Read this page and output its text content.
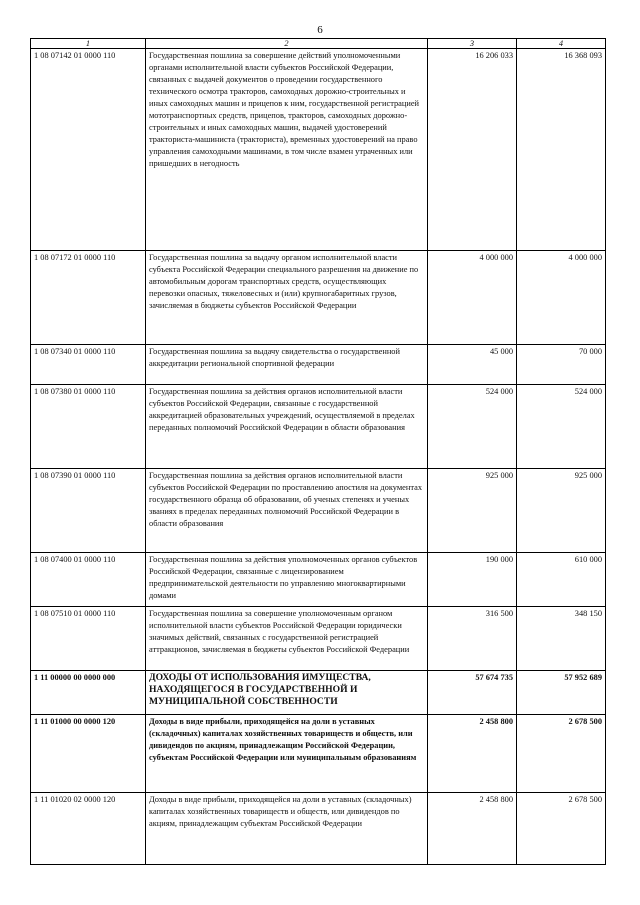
6
1	2	3	4
1 08 07142 01 0000 110	Государственная пошлина за совершение действий уполномоченными органами исполнительной власти субъектов Российской Федерации, связанных с выдачей документов о проведении государственного технического осмотра тракторов, самоходных дорожно-строительных и иных самоходных машин и прицепов к ним, государственной регистрацией мототранспортных средств, прицепов, тракторов, самоходных дорожно-строительных и иных самоходных машин, выдачей удостоверений тракториста-машиниста (тракториста), временных удостоверений на право управления самоходными машинами, в том числе взамен утраченных или пришедших в негодность	16 206 033	16 368 093
1 08 07172 01 0000 110	Государственная пошлина за выдачу органом исполнительной власти субъекта Российской Федерации специального разрешения на движение по автомобильным дорогам транспортных средств, осуществляющих перевозки опасных, тяжеловесных и (или) крупногабаритных грузов, зачисляемая в бюджеты субъектов Российской Федерации	4 000 000	4 000 000
1 08 07340 01 0000 110	Государственная пошлина за выдачу свидетельства о государственной аккредитации региональной спортивной федерации	45 000	70 000
1 08 07380 01 0000 110	Государственная пошлина за действия органов исполнительной власти субъектов Российской Федерации, связанные с государственной аккредитацией образовательных учреждений, осуществляемой в пределах переданных полномочий Российской Федерации в области образования	524 000	524 000
1 08 07390 01 0000 110	Государственная пошлина за действия органов исполнительной власти субъектов Российской Федерации по проставлению апостиля на документах государственного образца об образовании, об ученых степенях и ученых званиях в пределах переданных полномочий Российской Федерации в области образования	925 000	925 000
1 08 07400 01 0000 110	Государственная пошлина за действия уполномоченных органов субъектов Российской Федерации, связанные с лицензированием предпринимательской деятельности по управлению многоквартирными домами	190 000	610 000
1 08 07510 01 0000 110	Государственная пошлина за совершение уполномоченным органом исполнительной власти субъектов Российской Федерации юридически значимых действий, связанных с государственной регистрацией аттракционов, зачисляемая в бюджеты субъектов Российской Федерации	316 500	348 150
1 11 00000 00 0000 000	ДОХОДЫ ОТ ИСПОЛЬЗОВАНИЯ ИМУЩЕСТВА, НАХОДЯЩЕГОСЯ В ГОСУДАРСТВЕННОЙ И МУНИЦИПАЛЬНОЙ СОБСТВЕННОСТИ	57 674 735	57 952 689
1 11 01000 00 0000 120	Доходы в виде прибыли, приходящейся на доли в уставных (складочных) капиталах хозяйственных товариществ и обществ, или дивидендов по акциям, принадлежащим Российской Федерации, субъектам Российской Федерации или муниципальным образованиям	2 458 800	2 678 500
1 11 01020 02 0000 120	Доходы в виде прибыли, приходящейся на доли в уставных (складочных) капиталах хозяйственных товариществ и обществ, или дивидендов по акциям, принадлежащим субъектам Российской Федерации	2 458 800	2 678 500
